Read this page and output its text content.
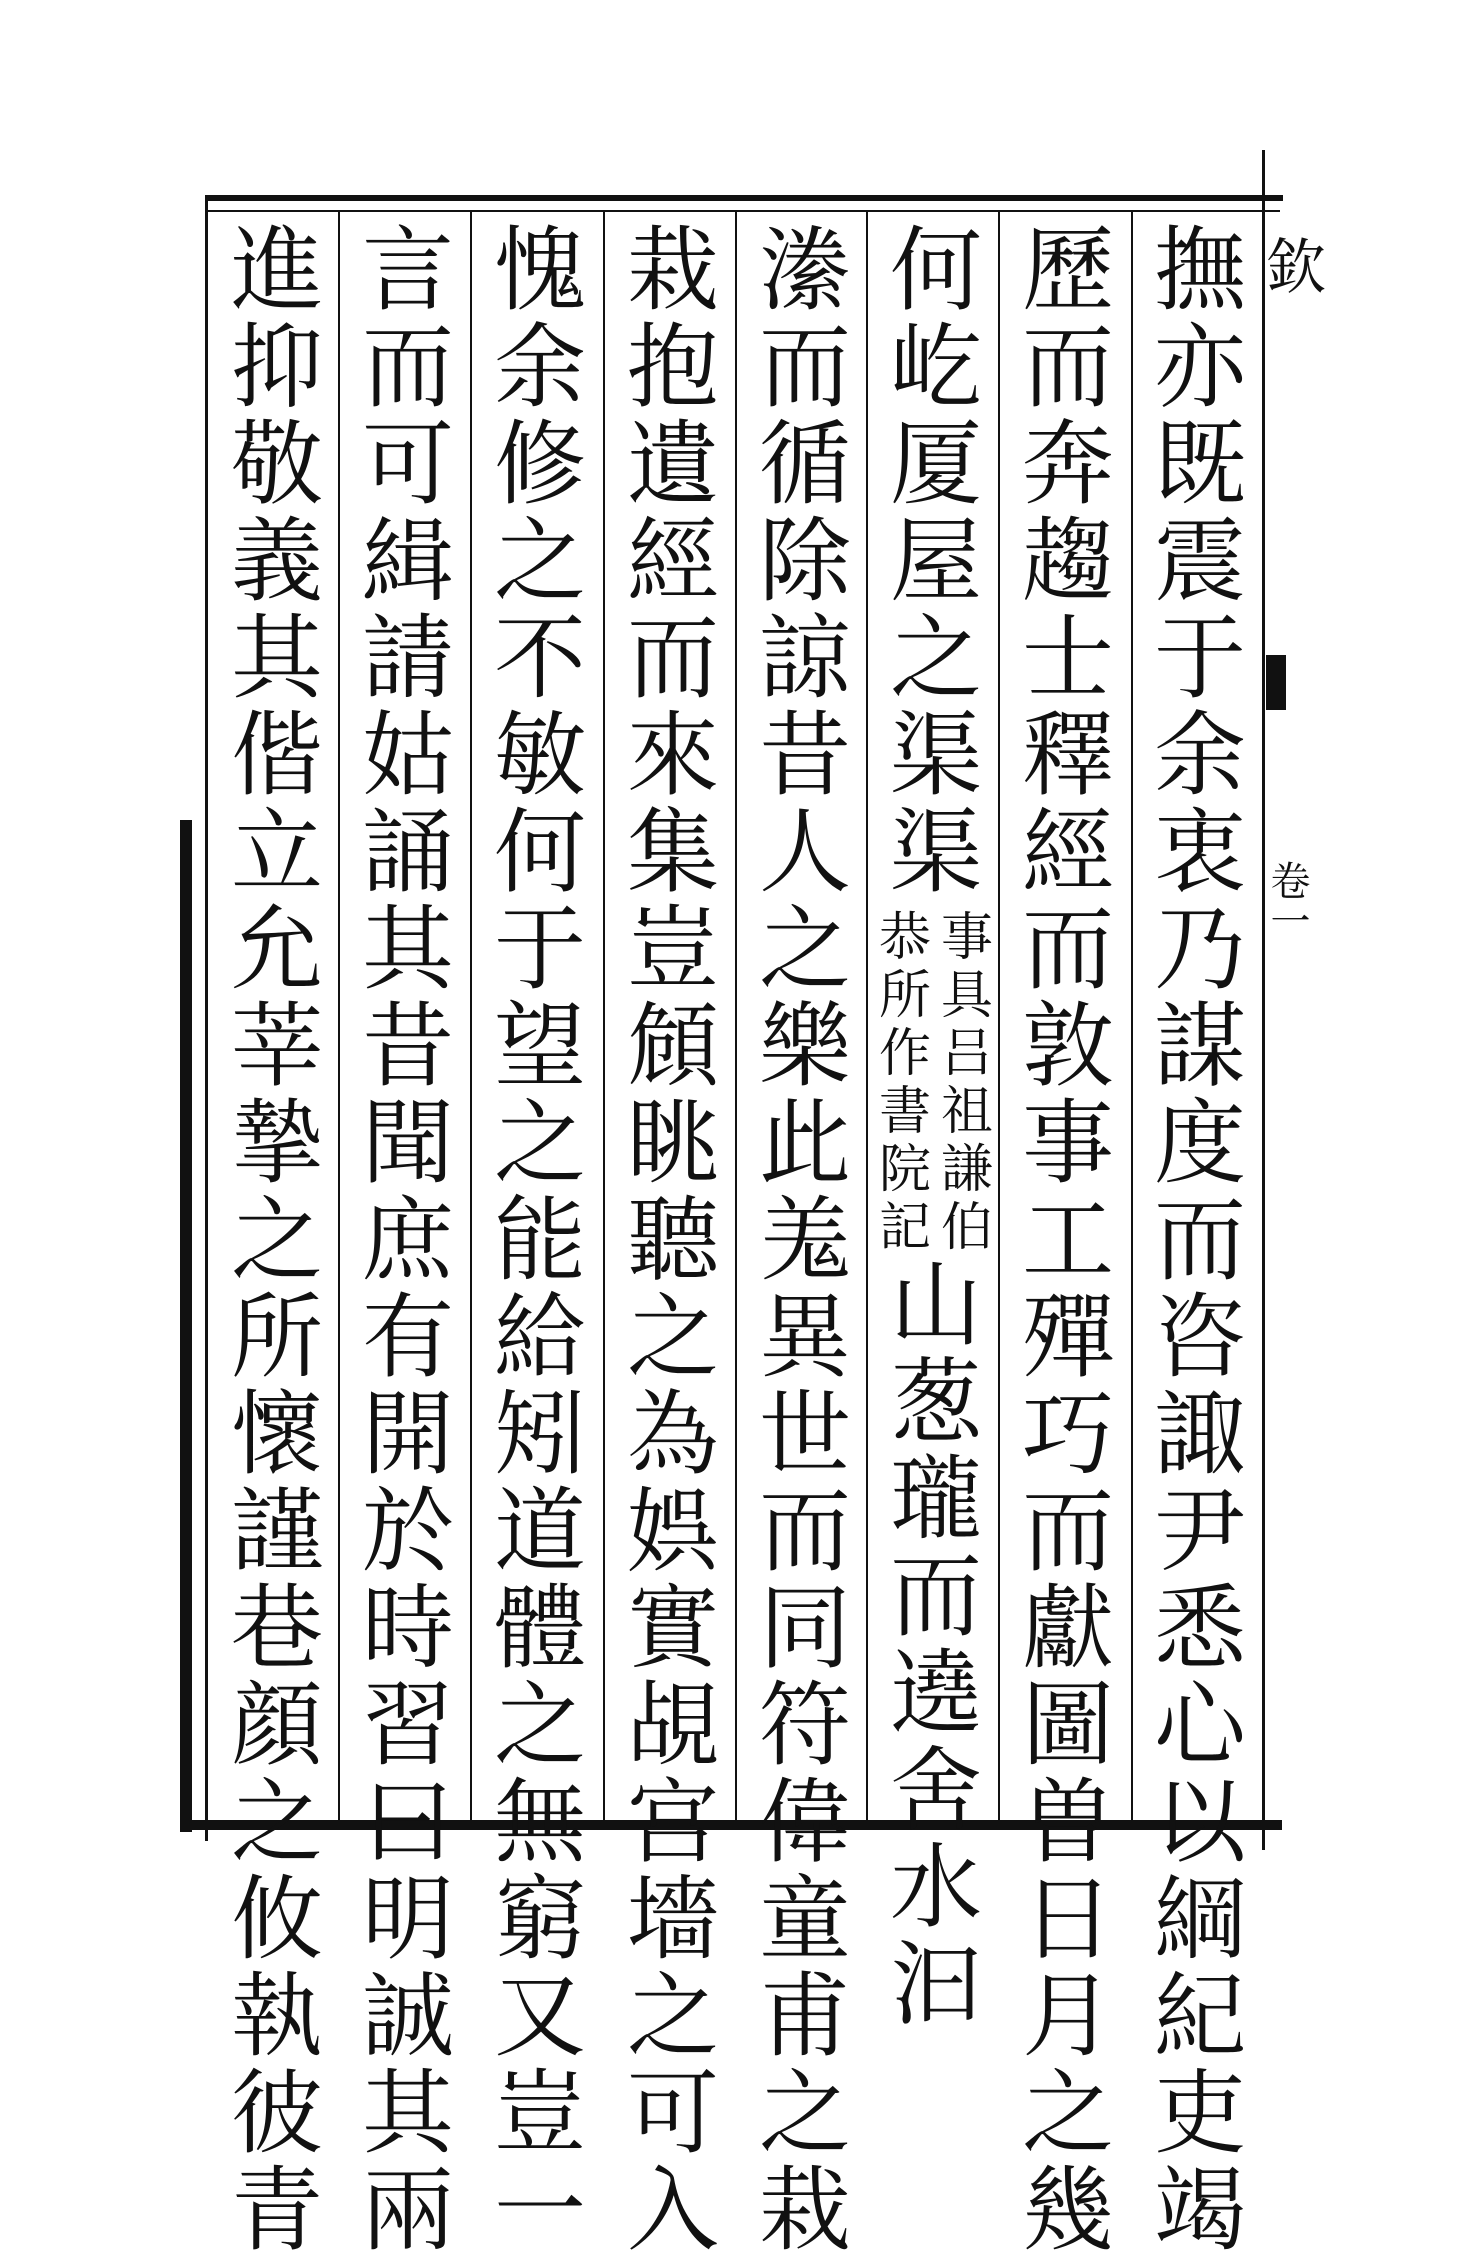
撫
亦
既
震
于
余
衷
乃
謀
度
而
咨
諏
尹
悉
心
以
綱
紀
吏
竭
歷
而
奔
趨
士
釋
經
而
敦
事
工
殫
巧
而
獻
圖
曽
日
月
之
幾
何
屹
厦
屋
之
渠
渠
事
具
吕
祖
謙
伯
恭
所
作
書
院
記
山
葱
瓏
而
遶
舍
水
汩
潫
而
循
除
諒
昔
人
之
樂
此
羗
異
世
而
同
符
偉
童
甫
之
栽
栽
抱
遺
經
而
來
集
豈
頠
眺
聽
之
為
娯
實
覘
宫
墻
之
可
入
愧
余
修
之
不
敏
何
于
望
之
能
給
矧
道
體
之
無
窮
又
豈
一
言
而
可
緝
請
姑
誦
其
昔
聞
庶
有
開
於
時
習
曰
明
誠
其
兩
進
抑
敬
義
其
偕
立
允
莘
摯
之
所
懷
謹
巷
顔
之
攸
執
彼
青
欽
卷一
